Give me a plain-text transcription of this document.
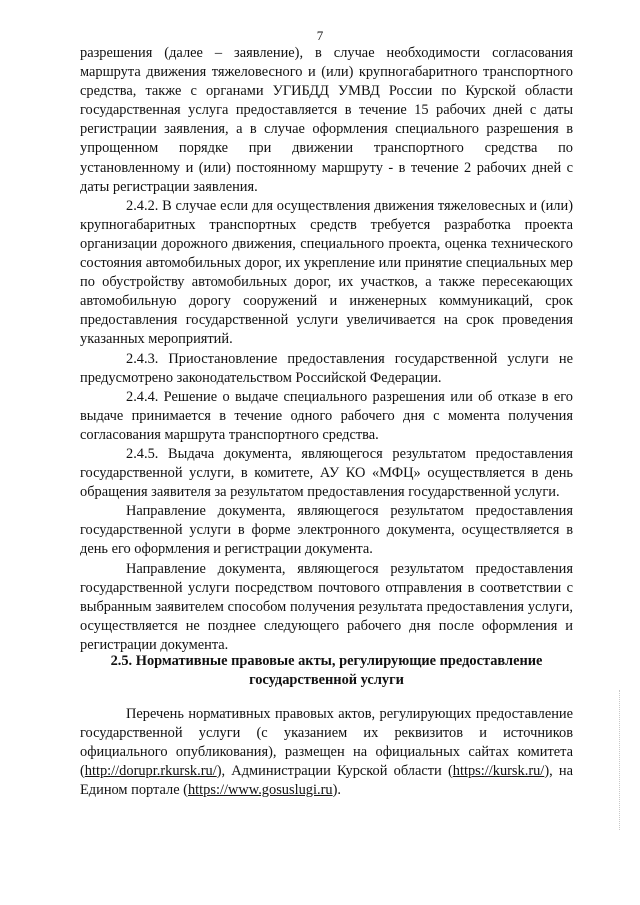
7

разрешения (далее – заявление), в случае необходимости согласования маршрута движения тяжеловесного и (или) крупногабаритного транспортного средства, также с органами УГИБДД УМВД России по Курской области государственная услуга предоставляется в течение 15 рабочих дней с даты регистрации заявления, а в случае оформления специального разрешения в упрощенном порядке при движении транспортного средства по установленному и (или) постоянному маршруту - в течение 2 рабочих дней с даты регистрации заявления.

2.4.2. В случае если для осуществления движения тяжеловесных и (или) крупногабаритных транспортных средств требуется разработка проекта организации дорожного движения, специального проекта, оценка технического состояния автомобильных дорог, их укрепление или принятие специальных мер по обустройству автомобильных дорог, их участков, а также пересекающих автомобильную дорогу сооружений и инженерных коммуникаций, срок предоставления государственной услуги увеличивается на срок проведения указанных мероприятий.

2.4.3. Приостановление предоставления государственной услуги не предусмотрено законодательством Российской Федерации.

2.4.4. Решение о выдаче специального разрешения или об отказе в его выдаче принимается в течение одного рабочего дня с момента получения согласования маршрута транспортного средства.

2.4.5. Выдача документа, являющегося результатом предоставления государственной услуги, в комитете, АУ КО «МФЦ» осуществляется в день обращения заявителя за результатом предоставления государственной услуги.

Направление документа, являющегося результатом предоставления государственной услуги в форме электронного документа, осуществляется в день его оформления и регистрации документа.

Направление документа, являющегося результатом предоставления государственной услуги посредством почтового отправления в соответствии с выбранным заявителем способом получения результата предоставления услуги, осуществляется не позднее следующего рабочего дня после оформления и регистрации документа.

2.5. Нормативные правовые акты, регулирующие предоставление
государственной услуги

Перечень нормативных правовых актов, регулирующих предоставление государственной услуги (с указанием их реквизитов и источников официального опубликования), размещен на официальных сайтах комитета (http://dorupr.rkursk.ru/), Администрации Курской области (https://kursk.ru/), на Едином портале (https://www.gosuslugi.ru).
